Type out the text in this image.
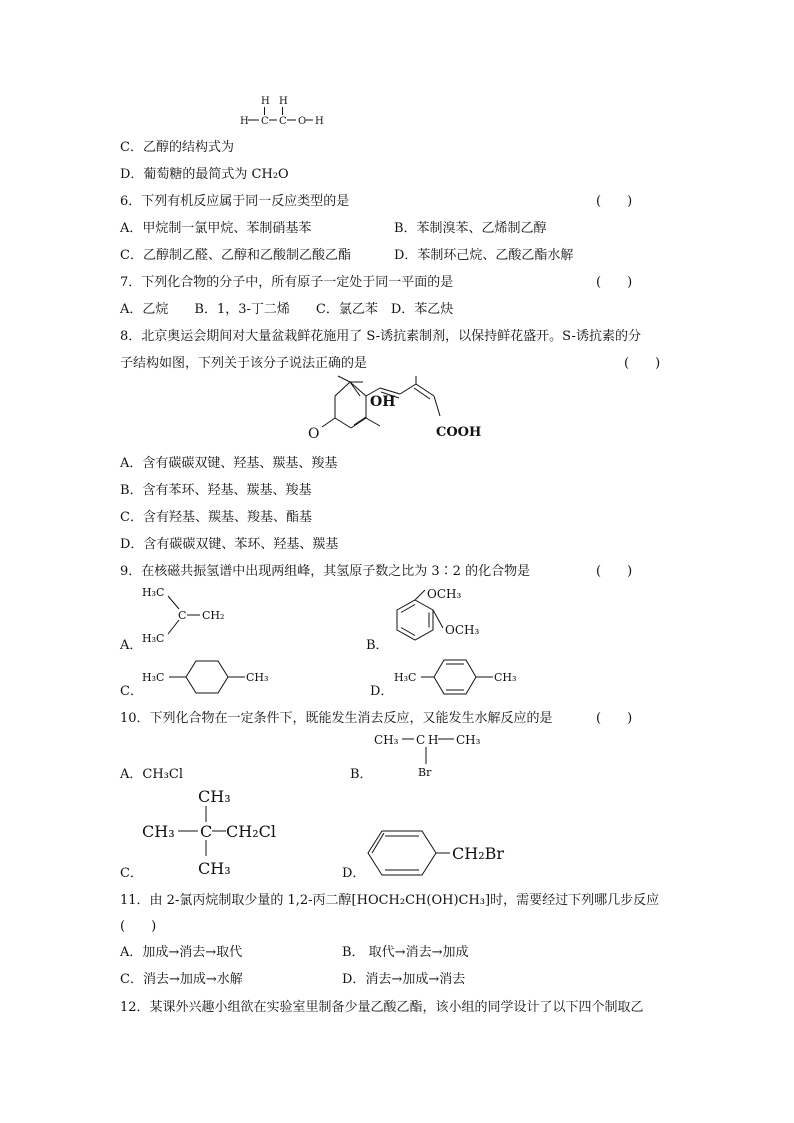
H H
H C C O H
C．乙醇的结构式为
D．葡萄糖的最简式为 CH₂O
6．下列有机反应属于同一反应类型的是	(　　)
A．甲烷制一氯甲烷、苯制硝基苯	B．苯制溴苯、乙烯制乙醇
C．乙醇制乙醛、乙醇和乙酸制乙酸乙酯	D．苯制环己烷、乙酸乙酯水解
7．下列化合物的分子中，所有原子一定处于同一平面的是	(　　)
A．乙烷　　B．1，3-丁二烯　　C．氯乙苯　D．苯乙炔
8．北京奥运会期间对大量盆栽鲜花施用了 S-诱抗素制剂，以保持鲜花盛开。S-诱抗素的分
子结构如图，下列关于该分子说法正确的是	(　　)
O
OH
COOH
A．含有碳碳双键、羟基、羰基、羧基
B．含有苯环、羟基、羰基、羧基
C．含有羟基、羰基、羧基、酯基
D．含有碳碳双键、苯环、羟基、羰基
9．在核磁共振氢谱中出现两组峰，其氢原子数之比为 3∶2 的化合物是	(　　)
A．
H₃C
H₃C
C CH₂
B．
OCH₃
OCH₃
C．
H₃C	CH₃
D．
H₃C	CH₃
10．下列化合物在一定条件下，既能发生消去反应，又能发生水解反应的是	(　　)
A．CH₃Cl	B．
CH₃ C H CH₃
Br
C．
CH₃
CH₃
CH₃
C CH₂Cl
D．
CH₂Br
11．由 2-氯丙烷制取少量的 1,2-丙二醇[HOCH₂CH(OH)CH₃]时，需要经过下列哪几步反应
(　　)
A．加成→消去→取代	B． 取代→消去→加成
C．消去→加成→水解	D．消去→加成→消去
12．某课外兴趣小组欲在实验室里制备少量乙酸乙酯，该小组的同学设计了以下四个制取乙
